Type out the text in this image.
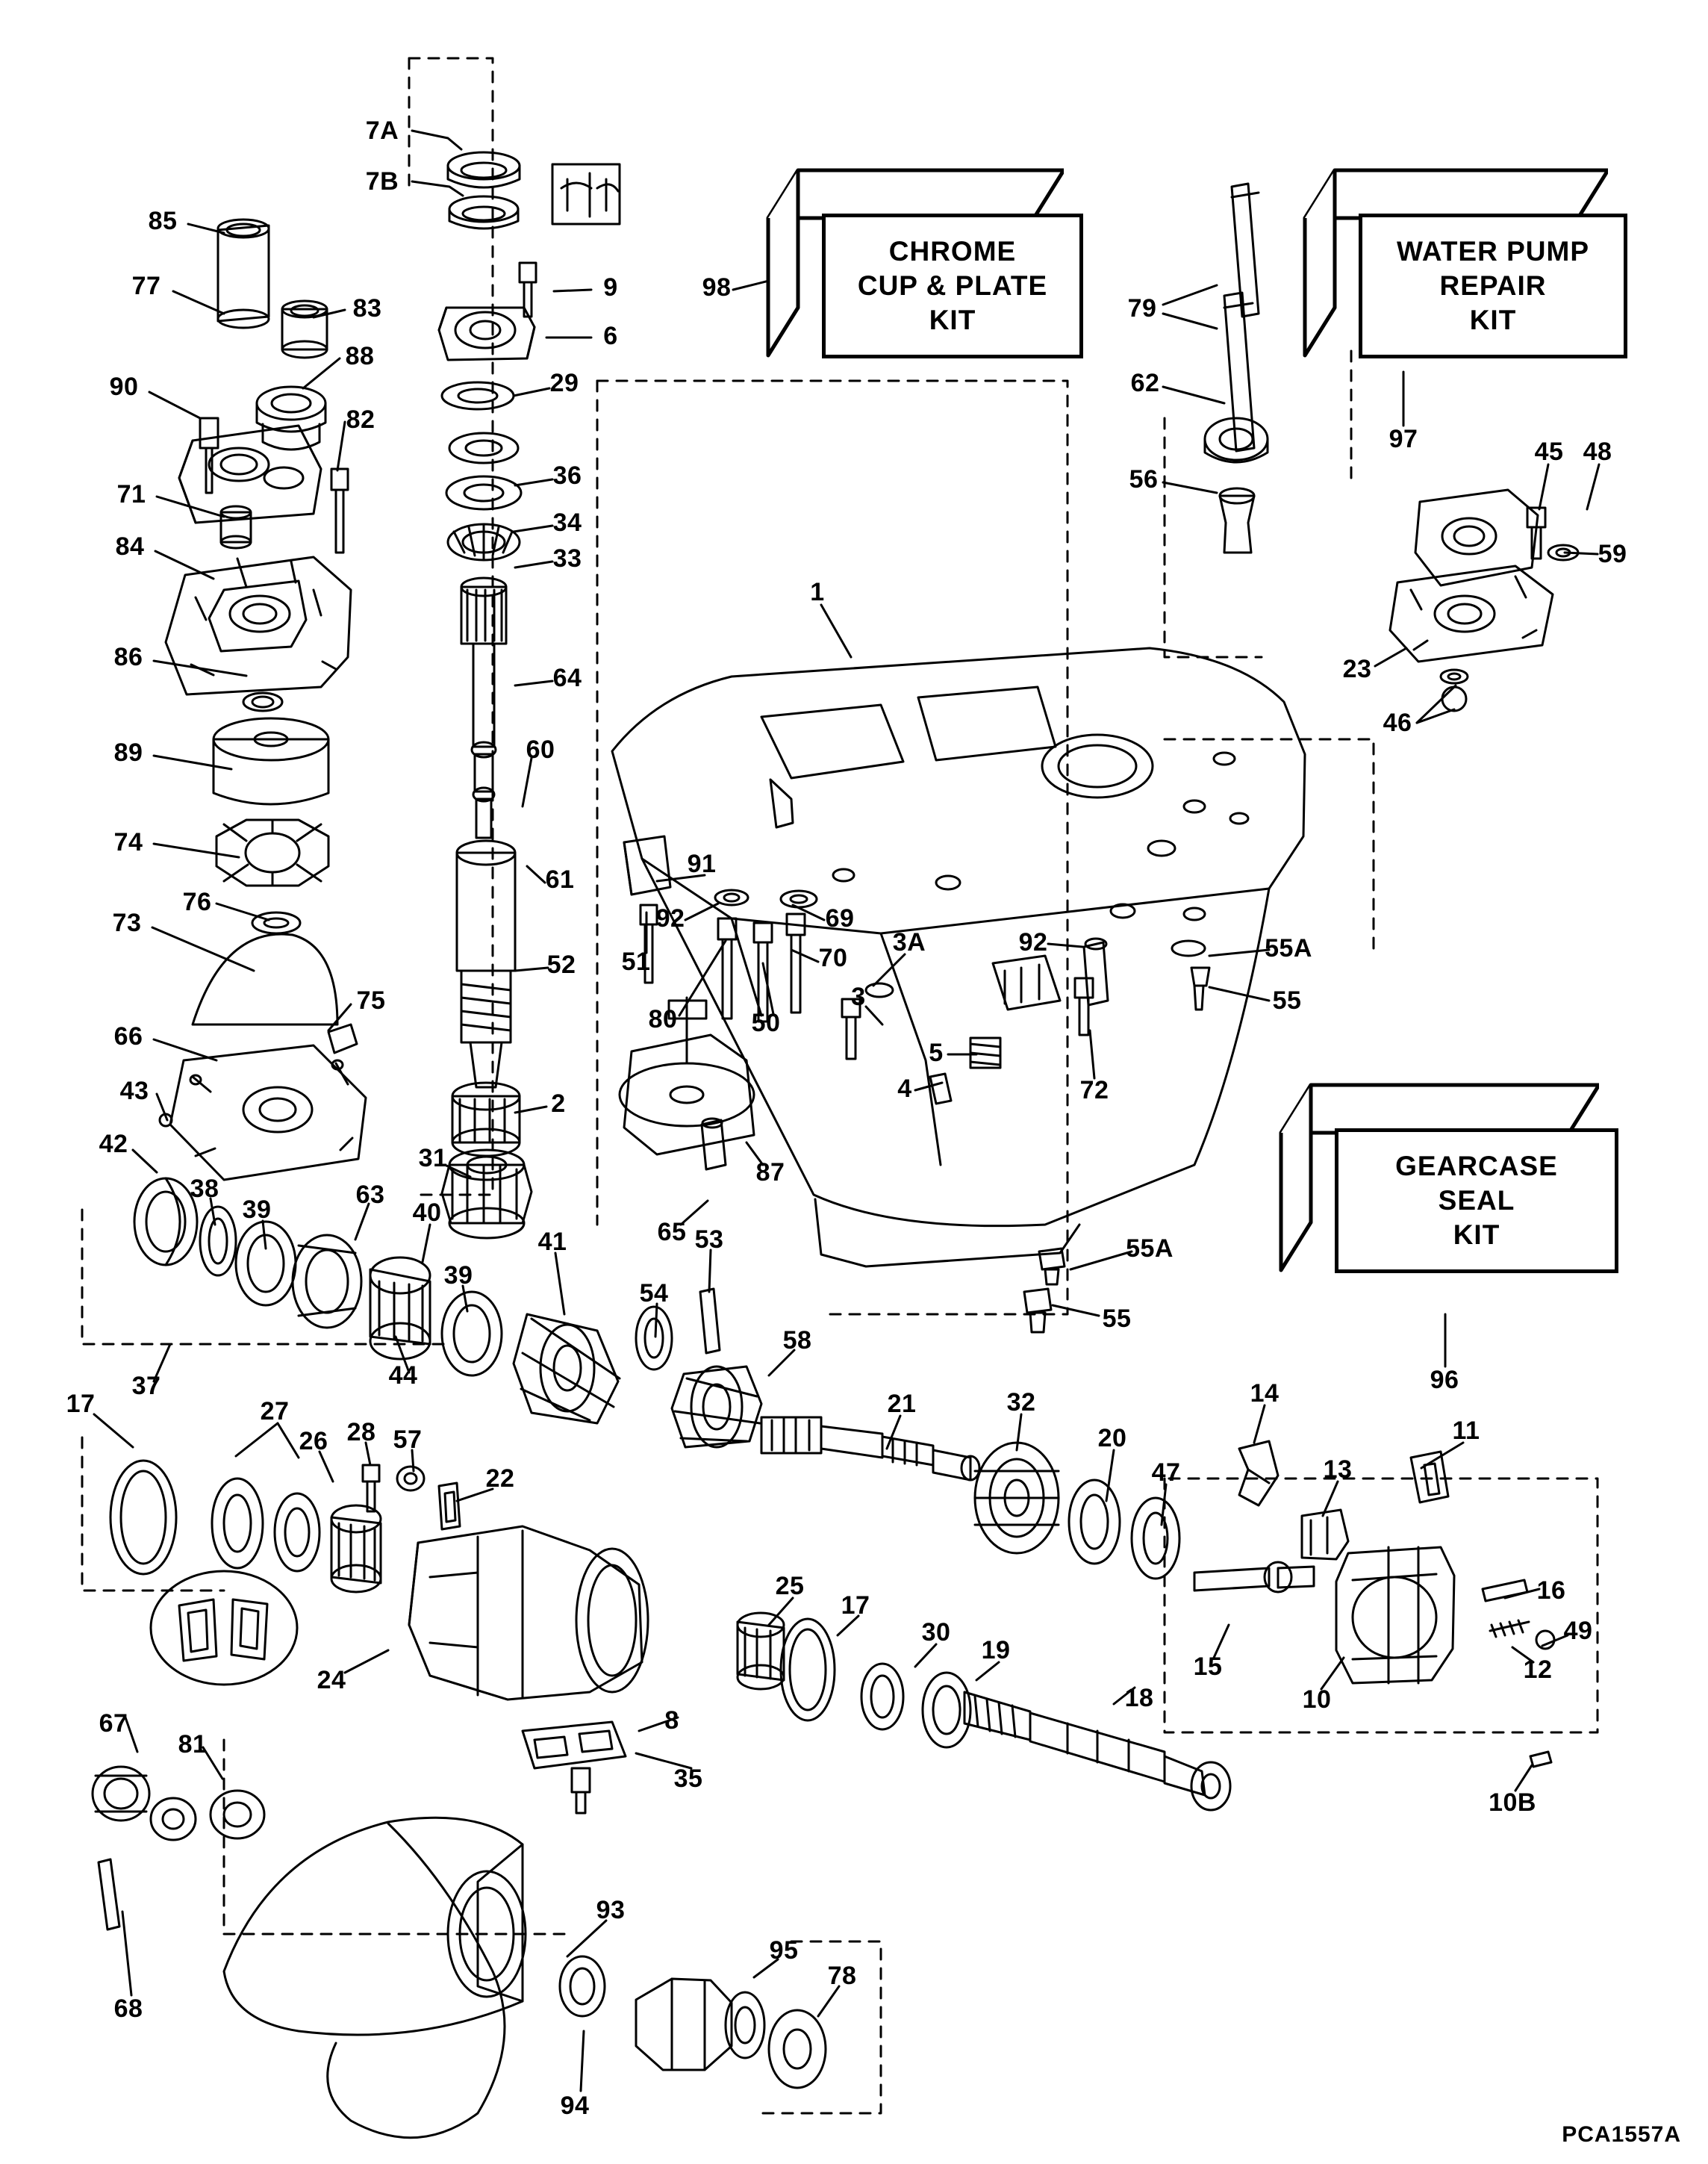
CHROME
CUP & PLATE
KIT
WATER PUMP
REPAIR
KIT
GEARCASE
SEAL
KIT
7A
7B
85
77
83
88
90
82
71
84
86
89
74
76
73
75
66
43
42
38
39
63
40
39
37	44
41
31
9
6
29
36
34
33
64
60
61
52
2
98
79
62
56
97	45 48
59
23
46
1
91
92	69
70
51
80	50
3A
3
92	55A
55
5
4	72
87
65 53
54
58
55A
55
96
21	32
20
47
14
13
11
16
49
12
10
15
10B
17	27
26 28 57
22
24
25
17
30
19
18
8
35
67
81
68
93
94
95
78
PCA1557A
